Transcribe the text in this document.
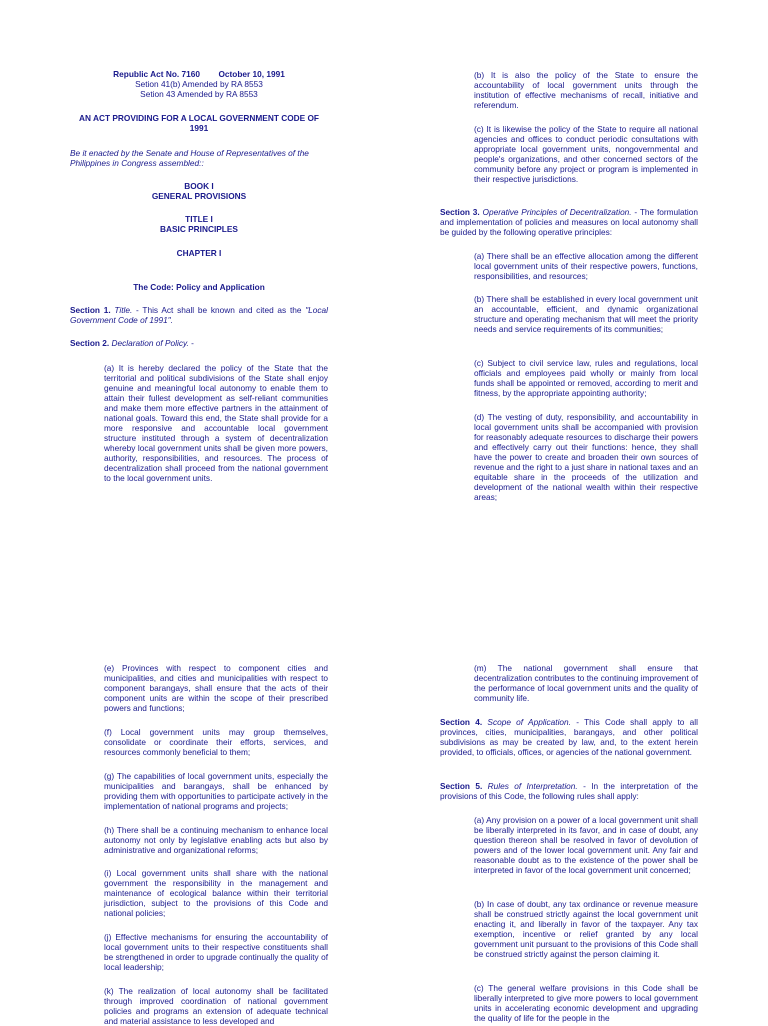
Republic Act No. 7160 October 10, 1991
Setion 41(b) Amended by RA 8553
Setion 43 Amended by RA 8553
AN ACT PROVIDING FOR A LOCAL GOVERNMENT CODE OF 1991
Be it enacted by the Senate and House of Representatives of the Philippines in Congress assembled::
BOOK I
GENERAL PROVISIONS
TITLE I
BASIC PRINCIPLES
CHAPTER I
The Code: Policy and Application

Section 1. Title. - This Act shall be known and cited as the "Local Government Code of 1991".

Section 2. Declaration of Policy. -

(a) It is hereby declared the policy of the State that the territorial and political subdivisions of the State shall enjoy genuine and meaningful local autonomy to enable them to attain their fullest development as self-reliant communities and make them more effective partners in the attainment of national goals. Toward this end, the State shall provide for a more responsive and accountable local government structure instituted through a system of decentralization whereby local government units shall be given more powers, authority, responsibilities, and resources. The process of decentralization shall proceed from the national government to the local government units.

(b) It is also the policy of the State to ensure the accountability of local government units through the institution of effective mechanisms of recall, initiative and referendum.

(c) It is likewise the policy of the State to require all national agencies and offices to conduct periodic consultations with appropriate local government units, nongovernmental and people's organizations, and other concerned sectors of the community before any project or program is implemented in their respective jurisdictions.

Section 3. Operative Principles of Decentralization. - The formulation and implementation of policies and measures on local autonomy shall be guided by the following operative principles:

(a) There shall be an effective allocation among the different local government units of their respective powers, functions, responsibilities, and resources;

(b) There shall be established in every local government unit an accountable, efficient, and dynamic organizational structure and operating mechanism that will meet the priority needs and service requirements of its communities;

(c) Subject to civil service law, rules and regulations, local officials and employees paid wholly or mainly from local funds shall be appointed or removed, according to merit and fitness, by the appropriate appointing authority;

(d) The vesting of duty, responsibility, and accountability in local government units shall be accompanied with provision for reasonably adequate resources to discharge their powers and effectively carry out their functions: hence, they shall have the power to create and broaden their own sources of revenue and the right to a just share in national taxes and an equitable share in the proceeds of the utilization and development of the national wealth within their respective areas;

(e) Provinces with respect to component cities and municipalities, and cities and municipalities with respect to component barangays, shall ensure that the acts of their component units are within the scope of their prescribed powers and functions;

(f) Local government units may group themselves, consolidate or coordinate their efforts, services, and resources commonly beneficial to them;

(g) The capabilities of local government units, especially the municipalities and barangays, shall be enhanced by providing them with opportunities to participate actively in the implementation of national programs and projects;

(h) There shall be a continuing mechanism to enhance local autonomy not only by legislative enabling acts but also by administrative and organizational reforms;

(i) Local government units shall share with the national government the responsibility in the management and maintenance of ecological balance within their territorial jurisdiction, subject to the provisions of this Code and national policies;

(j) Effective mechanisms for ensuring the accountability of local government units to their respective constituents shall be strengthened in order to upgrade continually the quality of local leadership;

(k) The realization of local autonomy shall be facilitated through improved coordination of national government policies and programs an extension of adequate technical and material assistance to less developed and

(m) The national government shall ensure that decentralization contributes to the continuing improvement of the performance of local government units and the quality of community life.

Section 4. Scope of Application. - This Code shall apply to all provinces, cities, municipalities, barangays, and other political subdivisions as may be created by law, and, to the extent herein provided, to officials, offices, or agencies of the national government.

Section 5. Rules of Interpretation. - In the interpretation of the provisions of this Code, the following rules shall apply:

(a) Any provision on a power of a local government unit shall be liberally interpreted in its favor, and in case of doubt, any question thereon shall be resolved in favor of devolution of powers and of the lower local government unit. Any fair and reasonable doubt as to the existence of the power shall be interpreted in favor of the local government unit concerned;

(b) In case of doubt, any tax ordinance or revenue measure shall be construed strictly against the local government unit enacting it, and liberally in favor of the taxpayer. Any tax exemption, incentive or relief granted by any local government unit pursuant to the provisions of this Code shall be construed strictly against the person claiming it.

(c) The general welfare provisions in this Code shall be liberally interpreted to give more powers to local government units in accelerating economic development and upgrading the quality of life for the people in the
